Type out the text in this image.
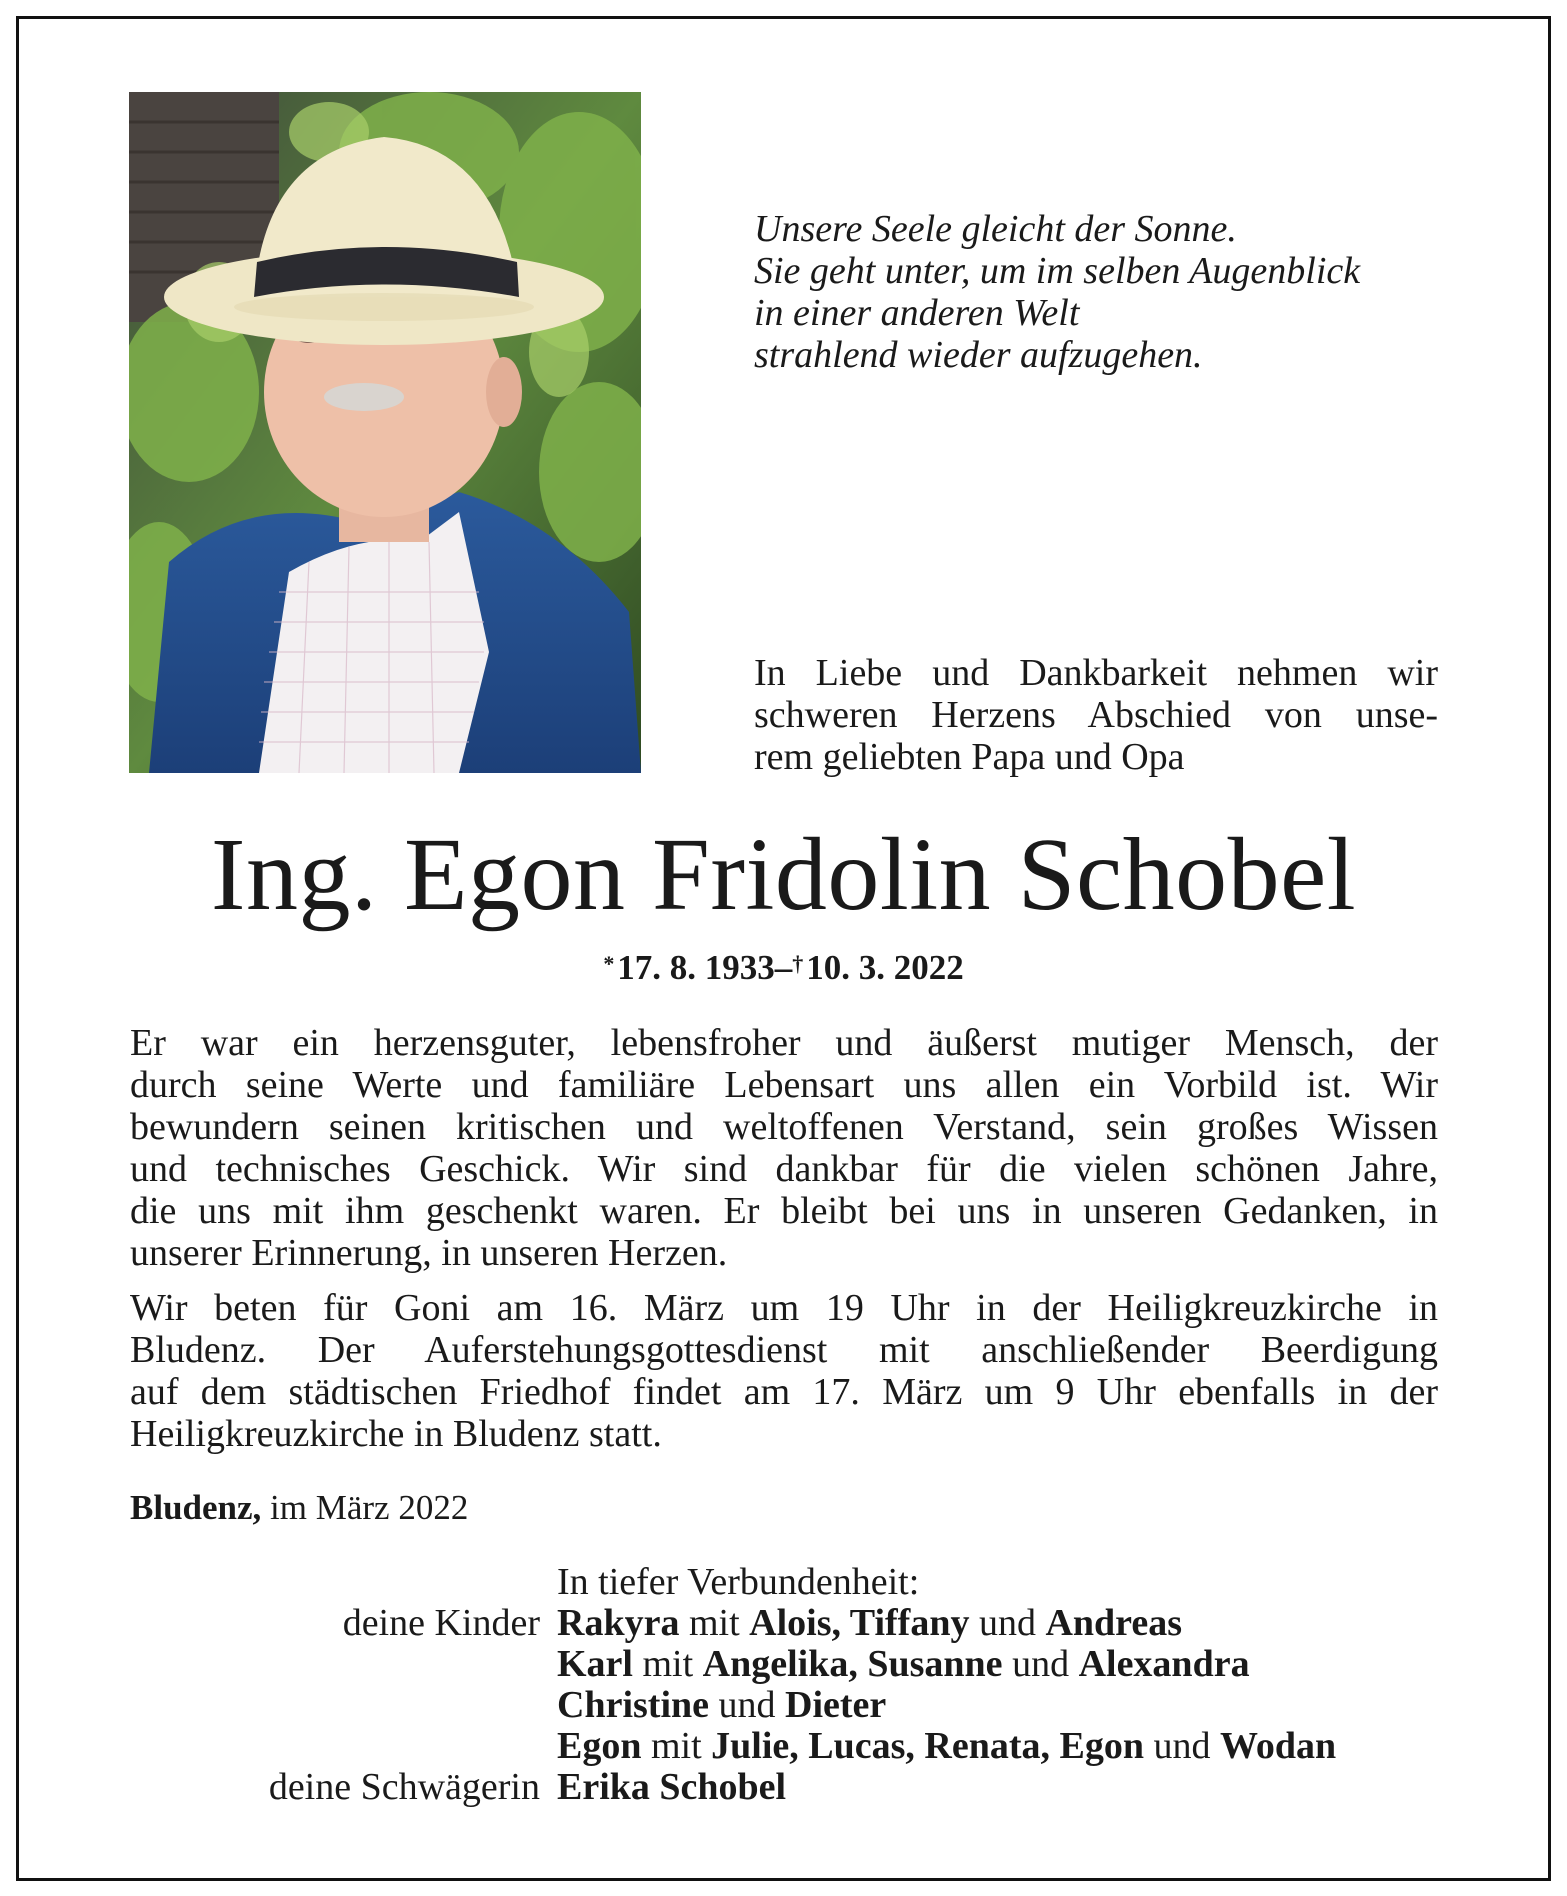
Unsere Seele gleicht der Sonne.
Sie geht unter, um im selben Augenblick
in einer anderen Welt
strahlend wieder aufzugehen.
In Liebe und Dankbarkeit nehmen wir
schweren Herzens Abschied von unse-
rem geliebten Papa und Opa
Ing. Egon Fridolin Schobel
* 17. 8. 1933–† 10. 3. 2022
Er war ein herzensguter, lebensfroher und äußerst mutiger Mensch, der
durch seine Werte und familiäre Lebensart uns allen ein Vorbild ist. Wir
bewundern seinen kritischen und weltoffenen Verstand, sein großes Wissen
und technisches Geschick. Wir sind dankbar für die vielen schönen Jahre,
die uns mit ihm geschenkt waren. Er bleibt bei uns in unseren Gedanken, in
unserer Erinnerung, in unseren Herzen.
Wir beten für Goni am 16. März um 19 Uhr in der Heiligkreuzkirche in
Bludenz. Der Auferstehungsgottesdienst mit anschließender Beerdigung
auf dem städtischen Friedhof findet am 17. März um 9 Uhr ebenfalls in der
Heiligkreuzkirche in Bludenz statt.
Bludenz, im März 2022
In tiefer Verbundenheit:
deine Kinder Rakyra mit Alois, Tiffany und Andreas
Karl mit Angelika, Susanne und Alexandra
Christine und Dieter
Egon mit Julie, Lucas, Renata, Egon und Wodan
deine Schwägerin Erika Schobel
